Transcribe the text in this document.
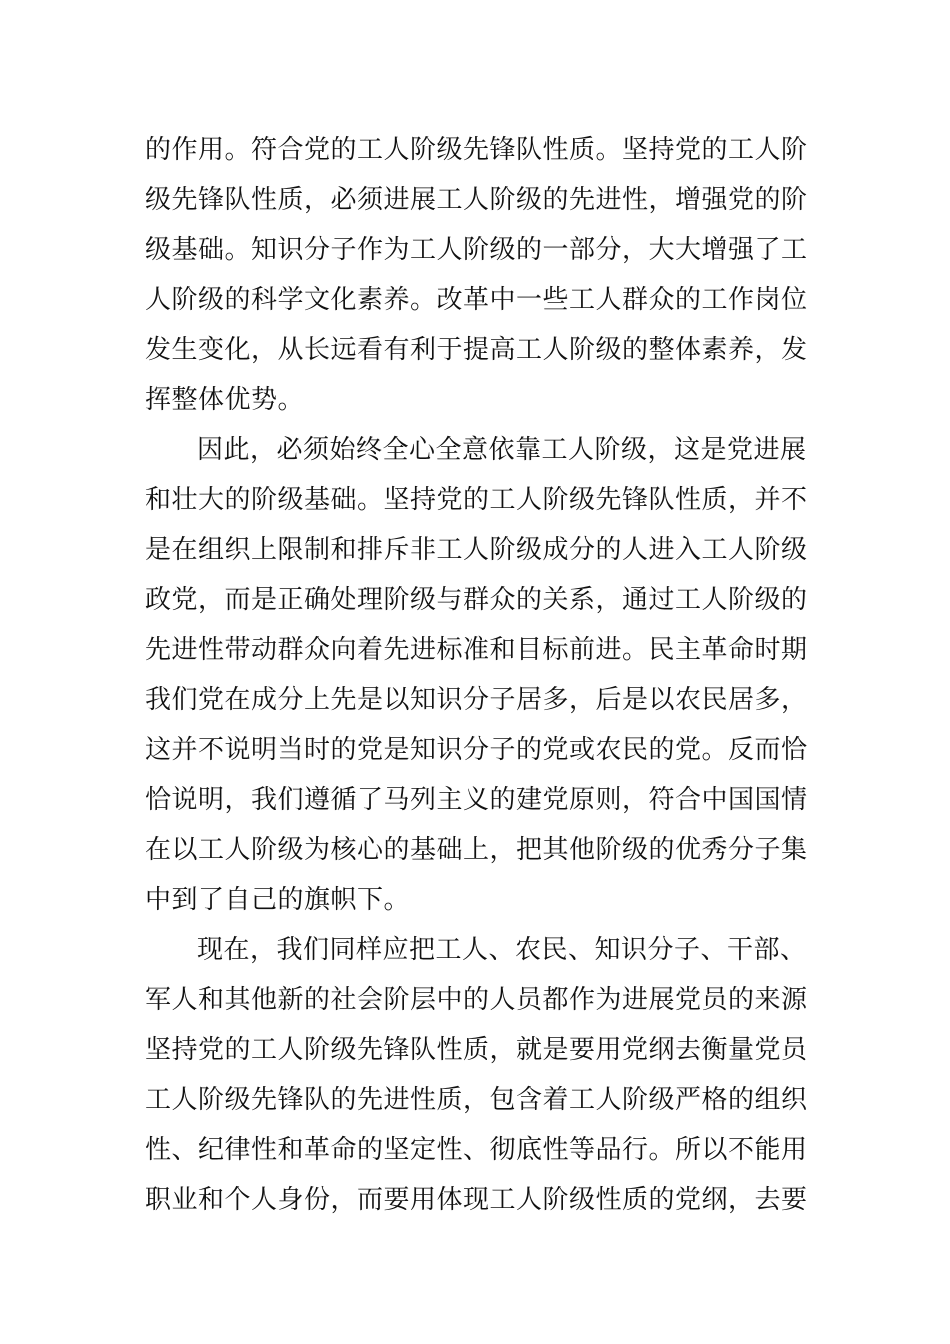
的作用。符合党的工人阶级先锋队性质。坚持党的工人阶
级先锋队性质，必须进展工人阶级的先进性，增强党的阶
级基础。知识分子作为工人阶级的一部分，大大增强了工
人阶级的科学文化素养。改革中一些工人群众的工作岗位
发生变化，从长远看有利于提高工人阶级的整体素养，发
挥整体优势。
因此，必须始终全心全意依靠工人阶级，这是党进展
和壮大的阶级基础。坚持党的工人阶级先锋队性质，并不
是在组织上限制和排斥非工人阶级成分的人进入工人阶级
政党，而是正确处理阶级与群众的关系，通过工人阶级的
先进性带动群众向着先进标准和目标前进。民主革命时期
我们党在成分上先是以知识分子居多，后是以农民居多，
这并不说明当时的党是知识分子的党或农民的党。反而恰
恰说明，我们遵循了马列主义的建党原则，符合中国国情
在以工人阶级为核心的基础上，把其他阶级的优秀分子集
中到了自己的旗帜下。
现在，我们同样应把工人、农民、知识分子、干部、
军人和其他新的社会阶层中的人员都作为进展党员的来源
坚持党的工人阶级先锋队性质，就是要用党纲去衡量党员
工人阶级先锋队的先进性质，包含着工人阶级严格的组织
性、纪律性和革命的坚定性、彻底性等品行。所以不能用
职业和个人身份，而要用体现工人阶级性质的党纲，去要
